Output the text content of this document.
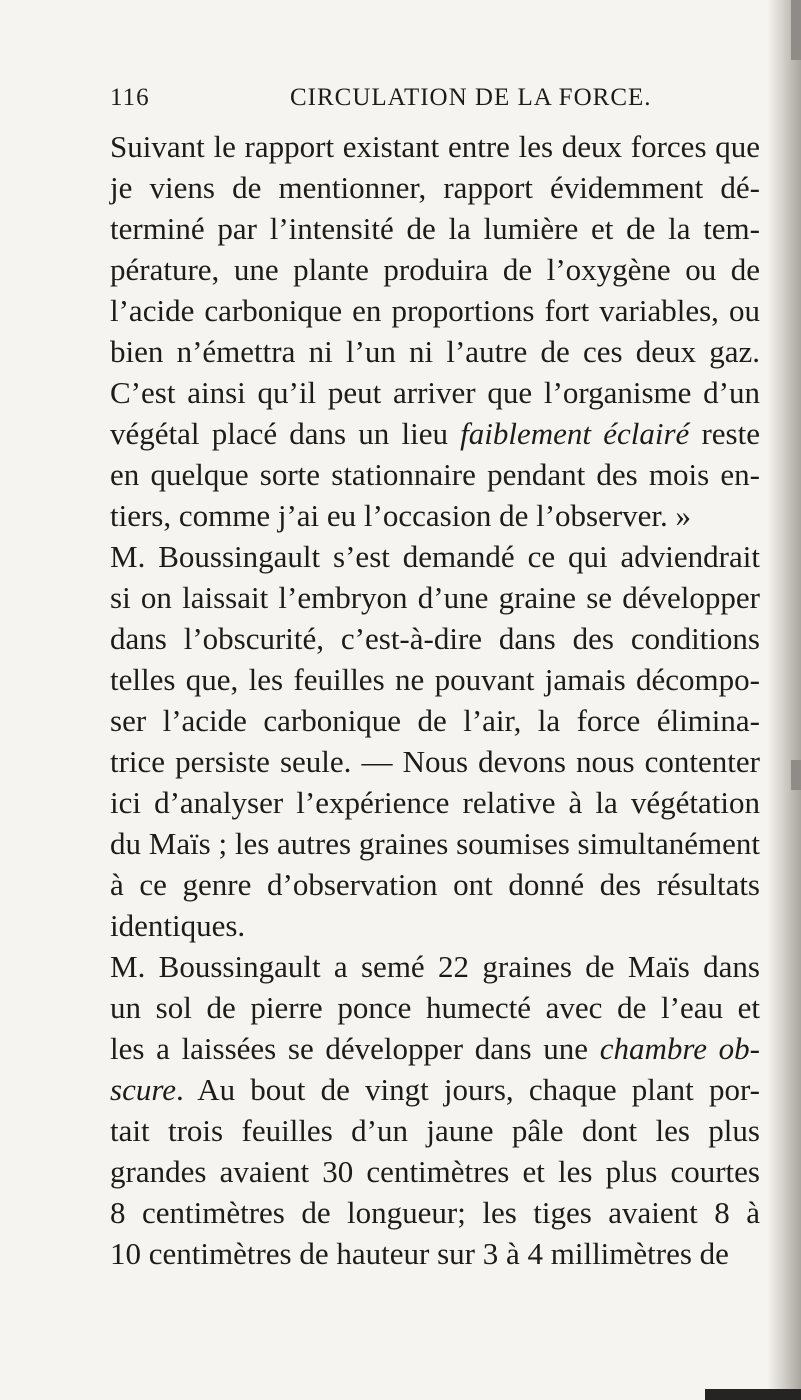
116	CIRCULATION DE LA FORCE.
Suivant le rapport existant entre les deux forces que
je viens de mentionner, rapport évidemment dé-
terminé par l’intensité de la lumière et de la tem-
pérature, une plante produira de l’oxygène ou de
l’acide carbonique en proportions fort variables, ou
bien n’émettra ni l’un ni l’autre de ces deux gaz.
C’est ainsi qu’il peut arriver que l’organisme d’un
végétal placé dans un lieu faiblement éclairé reste
en quelque sorte stationnaire pendant des mois en-
tiers, comme j’ai eu l’occasion de l’observer. »
M. Boussingault s’est demandé ce qui adviendrait
si on laissait l’embryon d’une graine se développer
dans l’obscurité, c’est-à-dire dans des conditions
telles que, les feuilles ne pouvant jamais décompo-
ser l’acide carbonique de l’air, la force élimina-
trice persiste seule. — Nous devons nous contenter
ici d’analyser l’expérience relative à la végétation
du Maïs ; les autres graines soumises simultanément
à ce genre d’observation ont donné des résultats
identiques.
M. Boussingault a semé 22 graines de Maïs dans
un sol de pierre ponce humecté avec de l’eau et
les a laissées se développer dans une chambre ob-
scure. Au bout de vingt jours, chaque plant por-
tait trois feuilles d’un jaune pâle dont les plus
grandes avaient 30 centimètres et les plus courtes
8 centimètres de longueur; les tiges avaient 8 à
10 centimètres de hauteur sur 3 à 4 millimètres de
